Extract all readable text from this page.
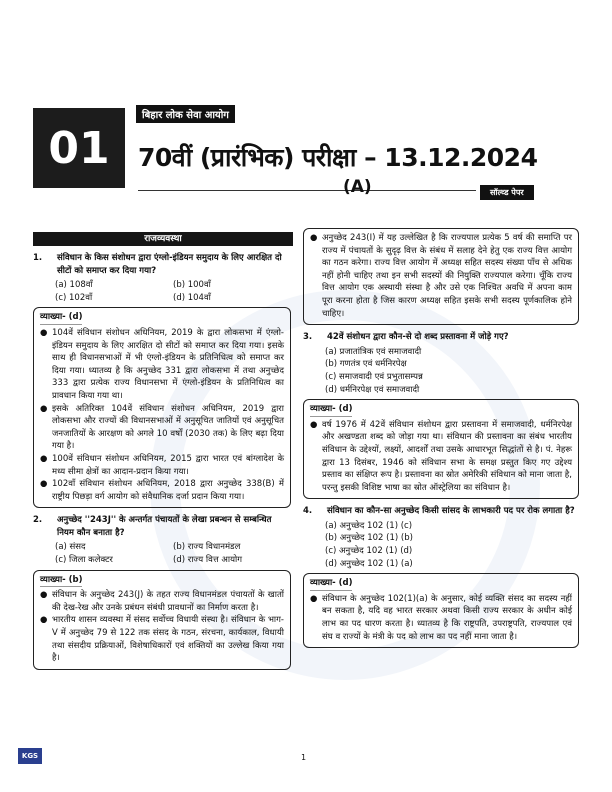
01
बिहार लोक सेवा आयोग
70वीं (प्रारंभिक) परीक्षा – 13.12.2024
(A)	सॉल्व्ड पेपर
राजव्यवस्था
1.	संविधान के किस संशोधन द्वारा एंग्लो-इंडियन समुदाय के लिए आरक्षित दो सीटों को समाप्त कर दिया गया?
(a) 108वाँ	(b) 100वाँ
(c) 102वाँ	(d) 104वाँ
व्याख्या- (d)
● 104वें संविधान संशोधन अधिनियम, 2019 के द्वारा लोकसभा में एंग्लो-इंडियन समुदाय के लिए आरक्षित दो सीटों को समाप्त कर दिया गया। इसके साथ ही विधानसभाओं में भी एंग्लो-इंडियन के प्रतिनिधित्व को समाप्त कर दिया गया। ध्यातव्य है कि अनुच्छेद 331 द्वारा लोकसभा में तथा अनुच्छेद 333 द्वारा प्रत्येक राज्य विधानसभा में एंग्लो-इंडियन के प्रतिनिधित्व का प्रावधान किया गया था।
● इसके अतिरिक्त 104वें संविधान संशोधन अधिनियम, 2019 द्वारा लोकसभा और राज्यों की विधानसभाओं में अनुसूचित जातियों एवं अनुसूचित जनजातियों के आरक्षण को अगले 10 वर्षों (2030 तक) के लिए बढ़ा दिया गया है।
● 100वें संविधान संशोधन अधिनियम, 2015 द्वारा भारत एवं बांग्लादेश के मध्य सीमा क्षेत्रों का आदान-प्रदान किया गया।
● 102वाँ संविधान संशोधन अधिनियम, 2018 द्वारा अनुच्छेद 338(B) में राष्ट्रीय पिछड़ा वर्ग आयोग को संवैधानिक दर्जा प्रदान किया गया।
2.	अनुच्छेद ''243J'' के अन्तर्गत पंचायतों के लेखा प्रबन्धन से सम्बन्धित नियम कौन बनाता है?
(a) संसद	(b) राज्य विधानमंडल
(c) जिला कलेक्टर	(d) राज्य वित्त आयोग
व्याख्या- (b)
● संविधान के अनुच्छेद 243(J) के तहत राज्य विधानमंडल पंचायतों के खातों की देख-रेख और उनके प्रबंधन संबंधी प्रावधानों का निर्माण करता है।
● भारतीय शासन व्यवस्था में संसद सर्वोच्च विधायी संस्था है। संविधान के भाग-V में अनुच्छेद 79 से 122 तक संसद के गठन, संरचना, कार्यकाल, विधायी तथा संसदीय प्रक्रियाओं, विशेषाधिकारों एवं शक्तियों का उल्लेख किया गया है।
● अनुच्छेद 243(I) में यह उल्लेखित है कि राज्यपाल प्रत्येक 5 वर्ष की समाप्ति पर राज्य में पंचायतों के सुदृढ़ वित्त के संबंध में सलाह देने हेतु एक राज्य वित्त आयोग का गठन करेगा। राज्य वित्त आयोग में अध्यक्ष सहित सदस्य संख्या पाँच से अधिक नहीं होनी चाहिए तथा इन सभी सदस्यों की नियुक्ति राज्यपाल करेगा। चूँकि राज्य वित्त आयोग एक अस्थायी संस्था है और उसे एक निश्चित अवधि में अपना काम पूरा करना होता है जिस कारण अध्यक्ष सहित इसके सभी सदस्य पूर्णकालिक होने चाहिए।
3.	42वें संशोधन द्वारा कौन-से दो शब्द प्रस्तावना में जोड़े गए?
(a) प्रजातांत्रिक एवं समाजवादी
(b) गणतंत्र एवं धर्मनिरपेक्ष
(c) समाजवादी एवं प्रभुतासम्पन्न
(d) धर्मनिरपेक्ष एवं समाजवादी
व्याख्या- (d)
● वर्ष 1976 में 42वें संविधान संशोधन द्वारा प्रस्तावना में समाजवादी, धर्मनिरपेक्ष और अखण्डता शब्द को जोड़ा गया था। संविधान की प्रस्तावना का संबंध भारतीय संविधान के उद्देश्यों, लक्ष्यों, आदर्शों तथा उसके आधारभूत सिद्धांतों से है। पं. नेहरू द्वारा 13 दिसंबर, 1946 को संविधान सभा के समक्ष प्रस्तुत किए गए उद्देश्य प्रस्ताव का संक्षिप्त रूप है। प्रस्तावना का स्रोत अमेरिकी संविधान को माना जाता है, परन्तु इसकी विशिष्ट भाषा का स्रोत ऑस्ट्रेलिया का संविधान है।
4.	संविधान का कौन-सा अनुच्छेद किसी सांसद के लाभकारी पद पर रोक लगाता है?
(a) अनुच्छेद 102 (1) (c)
(b) अनुच्छेद 102 (1) (b)
(c) अनुच्छेद 102 (1) (d)
(d) अनुच्छेद 102 (1) (a)
व्याख्या- (d)
● संविधान के अनुच्छेद 102(1)(a) के अनुसार, कोई व्यक्ति संसद का सदस्य नहीं बन सकता है, यदि वह भारत सरकार अथवा किसी राज्य सरकार के अधीन कोई लाभ का पद धारण करता है। ध्यातव्य है कि राष्ट्रपति, उपराष्ट्रपति, राज्यपाल एवं संघ व राज्यों के मंत्री के पद को लाभ का पद नहीं माना जाता है।
KGS	1
